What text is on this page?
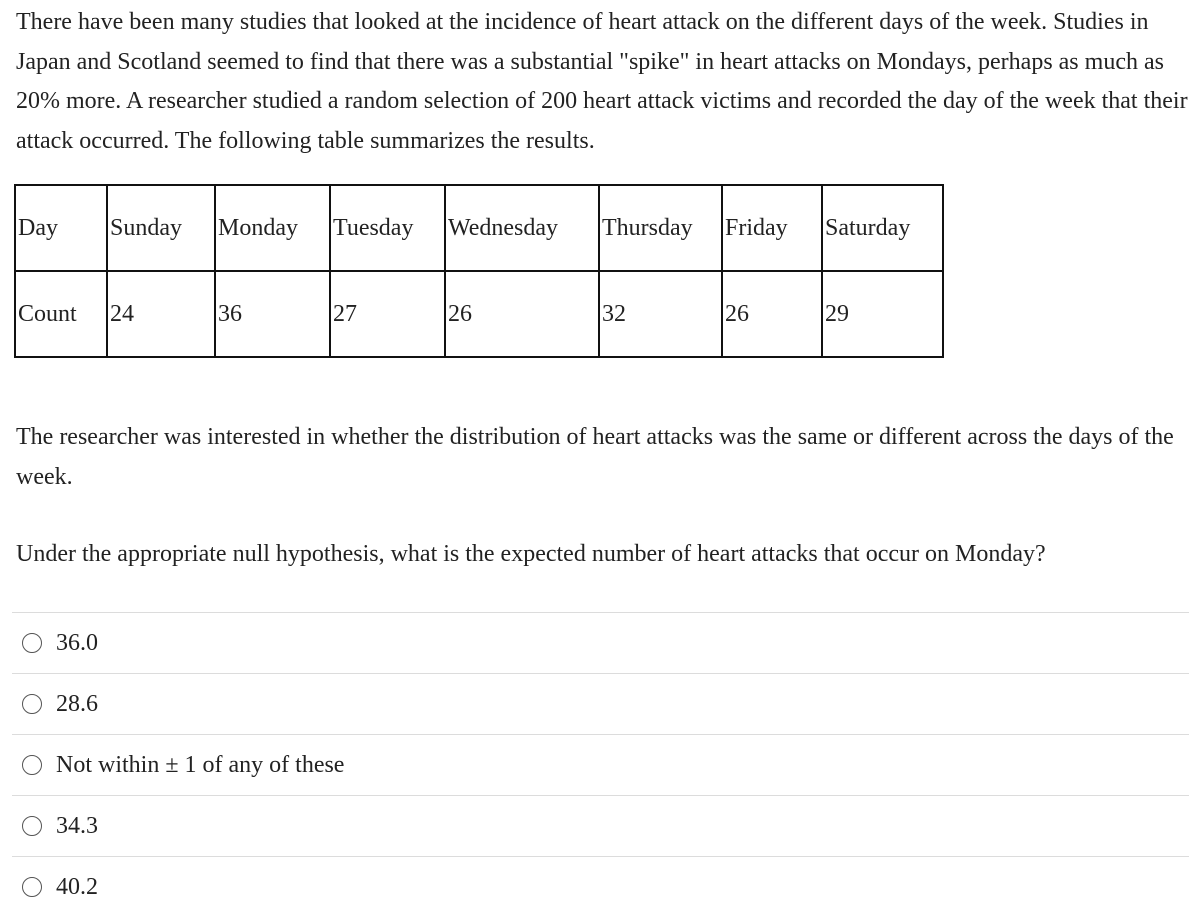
There have been many studies that looked at the incidence of heart attack on the different days of the week. Studies in Japan and Scotland seemed to find that there was a substantial "spike" in heart attacks on Mondays, perhaps as much as 20% more. A researcher studied a random selection of 200 heart attack victims and recorded the day of the week that their attack occurred. The following table summarizes the results.

Day	Sunday	Monday	Tuesday	Wednesday	Thursday	Friday	Saturday
Count	24	36	27	26	32	26	29

The researcher was interested in whether the distribution of heart attacks was the same or different across the days of the week.

Under the appropriate null hypothesis, what is the expected number of heart attacks that occur on Monday?

36.0
28.6
Not within ± 1 of any of these
34.3
40.2
